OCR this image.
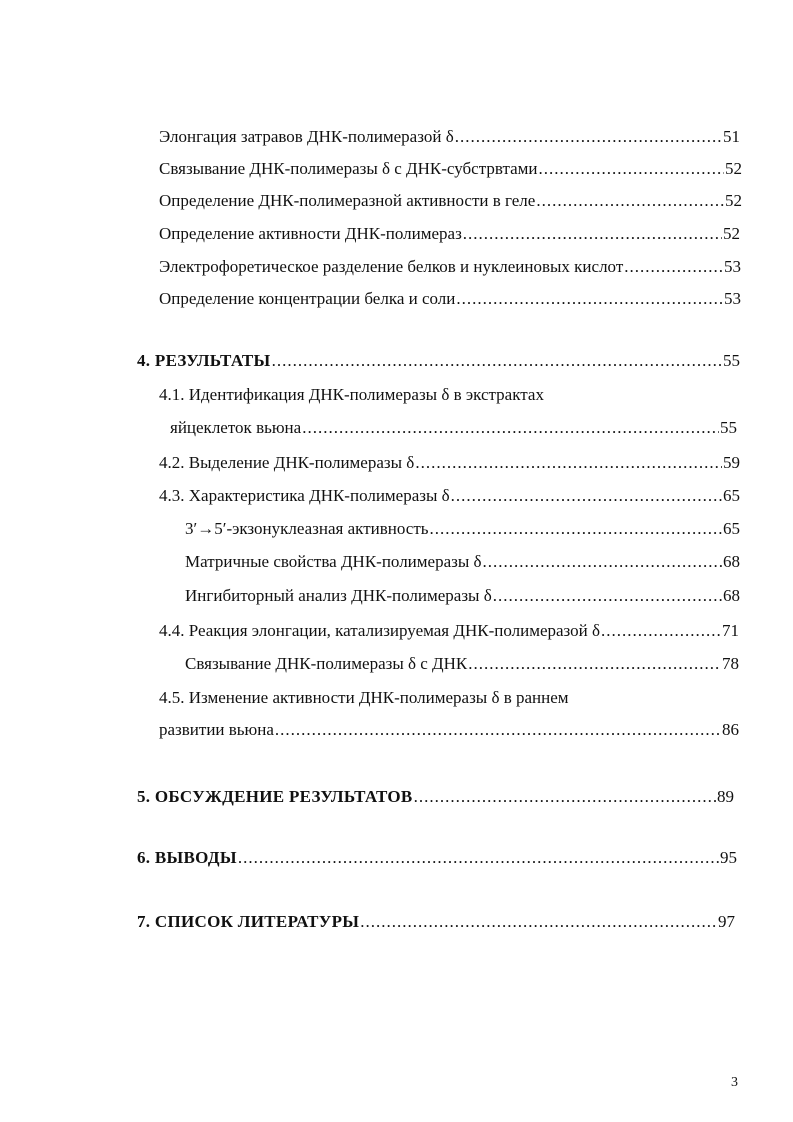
Элонгация затравов ДНК-полимеразой δ .....	51
Связывание ДНК-полимеразы δ с ДНК-субстрвтами .....	52
Определение ДНК-полимеразной активности в геле .....	52
Определение активности ДНК-полимераз .....	52
Электрофоретическое разделение белков и нуклеиновых кислот .....	53
Определение концентрации белка и соли .....	53
4. РЕЗУЛЬТАТЫ .....	55
4.1. Идентификация ДНК-полимеразы δ в экстрактах
яйцеклеток вьюна .....	55
4.2. Выделение ДНК-полимеразы δ .....	59
4.3. Характеристика ДНК-полимеразы δ .....	65
3′→5′-экзонуклеазная активность .....	65
Матричные свойства ДНК-полимеразы δ .....	68
Ингибиторный анализ ДНК-полимеразы δ .....	68
4.4. Реакция элонгации, катализируемая ДНК-полимеразой δ .....	71
Связывание ДНК-полимеразы δ с ДНК .....	78
4.5. Изменение активности ДНК-полимеразы δ в раннем
развитии вьюна .....	86
5. ОБСУЖДЕНИЕ РЕЗУЛЬТАТОВ .....	89
6. ВЫВОДЫ .....	95
7. СПИСОК ЛИТЕРАТУРЫ .....	97
3
